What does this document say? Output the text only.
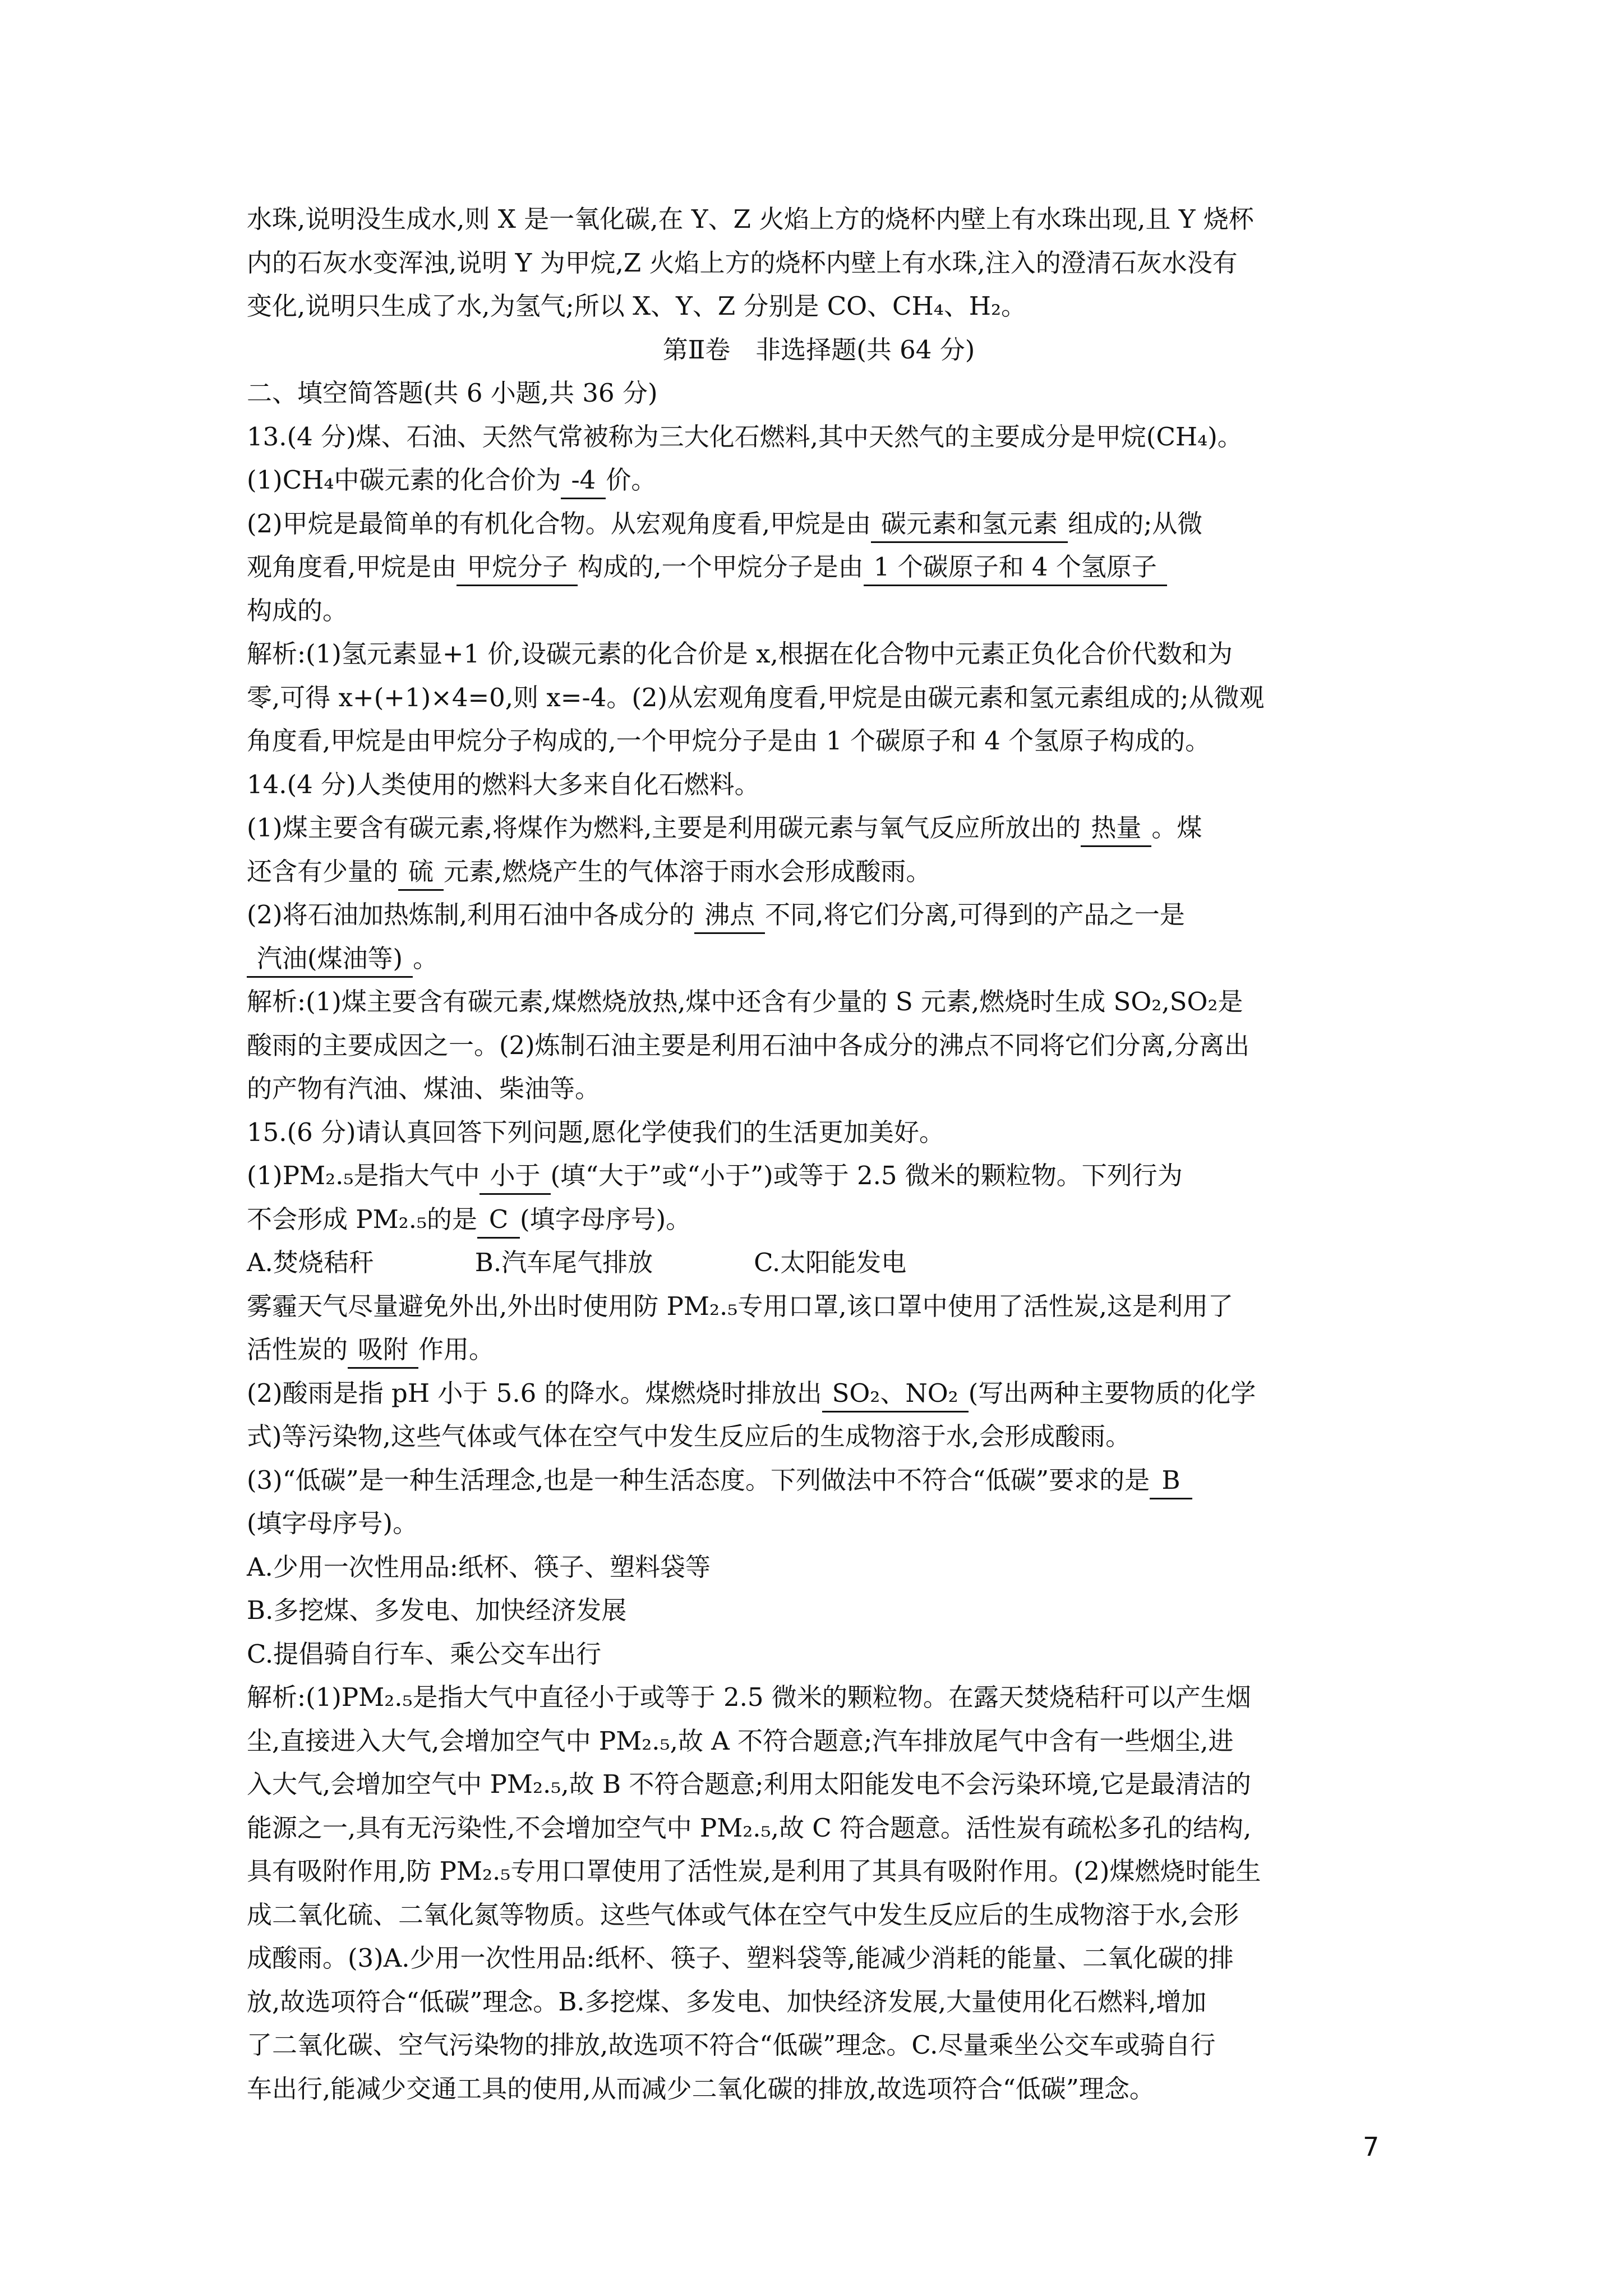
水珠,说明没生成水,则 X 是一氧化碳,在 Y、Z 火焰上方的烧杯内壁上有水珠出现,且 Y 烧杯
内的石灰水变浑浊,说明 Y 为甲烷,Z 火焰上方的烧杯内壁上有水珠,注入的澄清石灰水没有
变化,说明只生成了水,为氢气;所以 X、Y、Z 分别是 CO、CH₄、H₂。
第Ⅱ卷　非选择题(共 64 分)
二、填空简答题(共 6 小题,共 36 分)
13.(4 分)煤、石油、天然气常被称为三大化石燃料,其中天然气的主要成分是甲烷(CH₄)。
(1)CH₄中碳元素的化合价为 -4 价。
(2)甲烷是最简单的有机化合物。从宏观角度看,甲烷是由 碳元素和氢元素 组成的;从微
观角度看,甲烷是由 甲烷分子 构成的,一个甲烷分子是由 1 个碳原子和 4 个氢原子
构成的。
解析:(1)氢元素显+1 价,设碳元素的化合价是 x,根据在化合物中元素正负化合价代数和为
零,可得 x+(+1)×4=0,则 x=-4。(2)从宏观角度看,甲烷是由碳元素和氢元素组成的;从微观
角度看,甲烷是由甲烷分子构成的,一个甲烷分子是由 1 个碳原子和 4 个氢原子构成的。
14.(4 分)人类使用的燃料大多来自化石燃料。
(1)煤主要含有碳元素,将煤作为燃料,主要是利用碳元素与氧气反应所放出的 热量 。煤
还含有少量的 硫 元素,燃烧产生的气体溶于雨水会形成酸雨。
(2)将石油加热炼制,利用石油中各成分的 沸点 不同,将它们分离,可得到的产品之一是
汽油(煤油等) 。
解析:(1)煤主要含有碳元素,煤燃烧放热,煤中还含有少量的 S 元素,燃烧时生成 SO₂,SO₂是
酸雨的主要成因之一。(2)炼制石油主要是利用石油中各成分的沸点不同将它们分离,分离出
的产物有汽油、煤油、柴油等。
15.(6 分)请认真回答下列问题,愿化学使我们的生活更加美好。
(1)PM₂.₅是指大气中 小于 (填“大于”或“小于”)或等于 2.5 微米的颗粒物。下列行为
不会形成 PM₂.₅的是 C (填字母序号)。
A.焚烧秸秆　　　　B.汽车尾气排放　　　　C.太阳能发电
雾霾天气尽量避免外出,外出时使用防 PM₂.₅专用口罩,该口罩中使用了活性炭,这是利用了
活性炭的 吸附 作用。
(2)酸雨是指 pH 小于 5.6 的降水。煤燃烧时排放出 SO₂、NO₂ (写出两种主要物质的化学
式)等污染物,这些气体或气体在空气中发生反应后的生成物溶于水,会形成酸雨。
(3)“低碳”是一种生活理念,也是一种生活态度。下列做法中不符合“低碳”要求的是 B
(填字母序号)。
A.少用一次性用品:纸杯、筷子、塑料袋等
B.多挖煤、多发电、加快经济发展
C.提倡骑自行车、乘公交车出行
解析:(1)PM₂.₅是指大气中直径小于或等于 2.5 微米的颗粒物。在露天焚烧秸秆可以产生烟
尘,直接进入大气,会增加空气中 PM₂.₅,故 A 不符合题意;汽车排放尾气中含有一些烟尘,进
入大气,会增加空气中 PM₂.₅,故 B 不符合题意;利用太阳能发电不会污染环境,它是最清洁的
能源之一,具有无污染性,不会增加空气中 PM₂.₅,故 C 符合题意。活性炭有疏松多孔的结构,
具有吸附作用,防 PM₂.₅专用口罩使用了活性炭,是利用了其具有吸附作用。(2)煤燃烧时能生
成二氧化硫、二氧化氮等物质。这些气体或气体在空气中发生反应后的生成物溶于水,会形
成酸雨。(3)A.少用一次性用品:纸杯、筷子、塑料袋等,能减少消耗的能量、二氧化碳的排
放,故选项符合“低碳”理念。B.多挖煤、多发电、加快经济发展,大量使用化石燃料,增加
了二氧化碳、空气污染物的排放,故选项不符合“低碳”理念。C.尽量乘坐公交车或骑自行
车出行,能减少交通工具的使用,从而减少二氧化碳的排放,故选项符合“低碳”理念。
7
